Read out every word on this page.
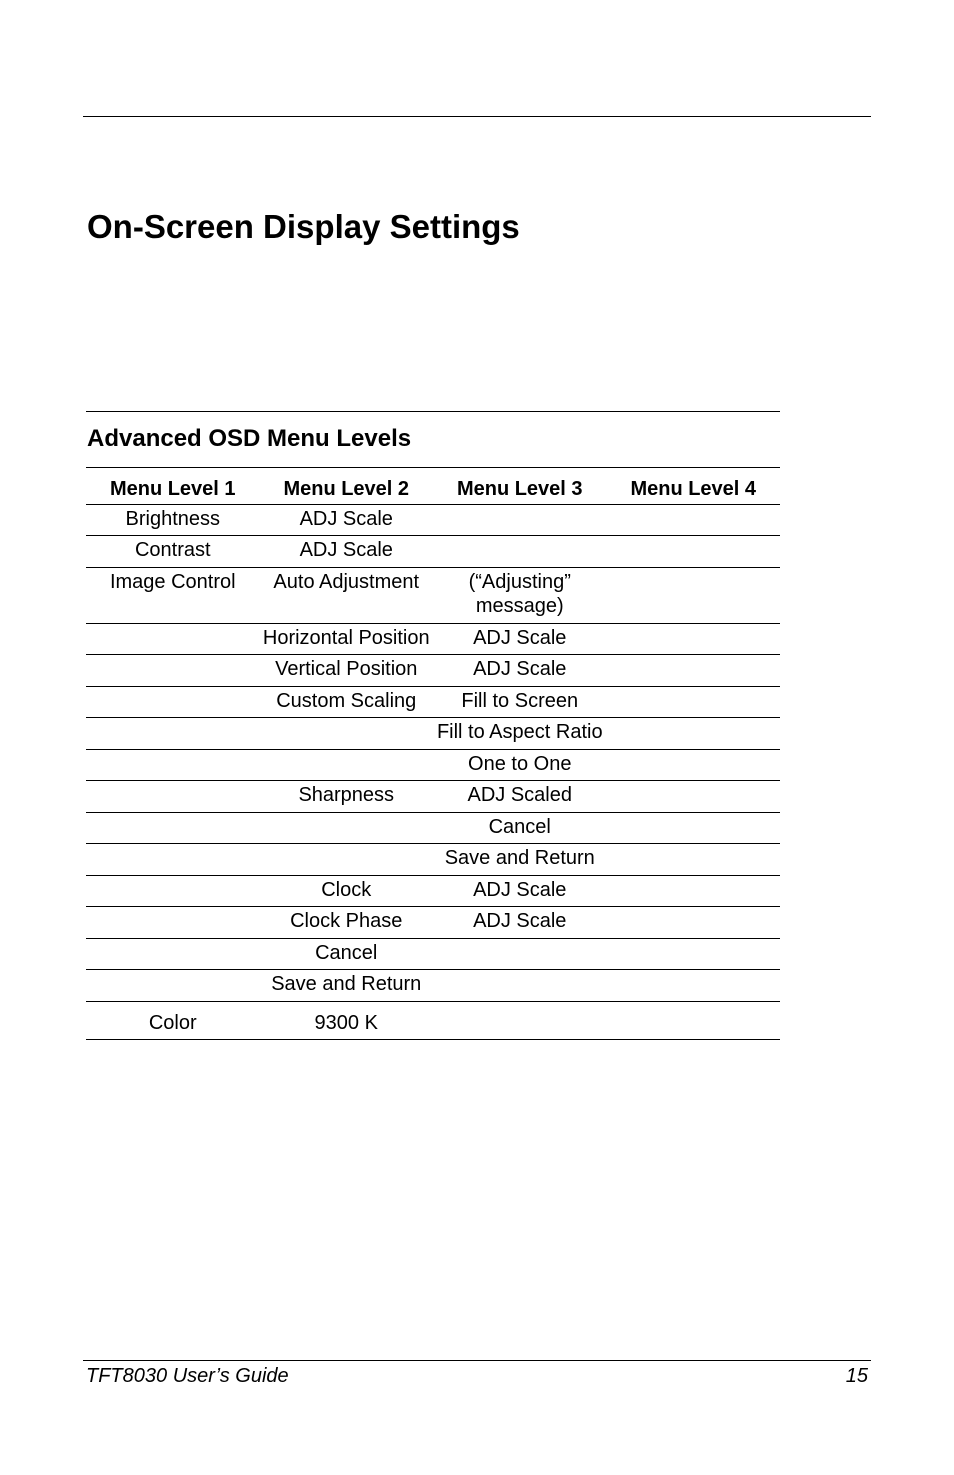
On-Screen Display Settings
Advanced OSD Menu Levels
Menu Level 1	Menu Level 2	Menu Level 3	Menu Level 4
Brightness	ADJ Scale		
Contrast	ADJ Scale		
Image Control	Auto Adjustment	(“Adjusting” message)	
	Horizontal Position	ADJ Scale	
	Vertical Position	ADJ Scale	
	Custom Scaling	Fill to Screen	
		Fill to Aspect Ratio	
		One to One	
	Sharpness	ADJ Scaled	
		Cancel	
		Save and Return	
	Clock	ADJ Scale	
	Clock Phase	ADJ Scale	
	Cancel		
	Save and Return		
Color	9300 K		
TFT8030 User’s Guide	15
